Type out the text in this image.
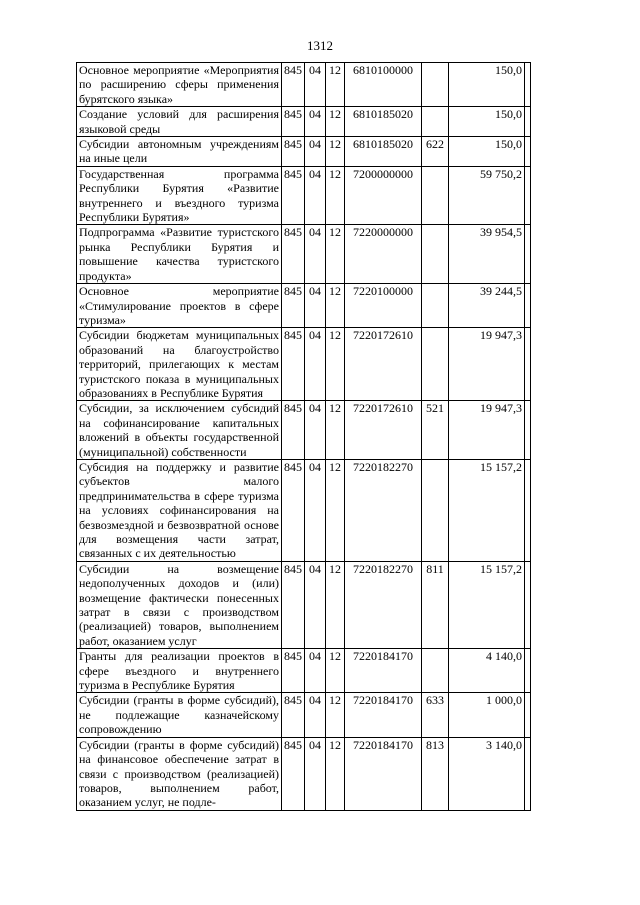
1312
Основное мероприятие «Мероприятия по расширению сферы применения бурятского языка»	845	04	12	6810100000		150,0	
Создание условий для расширения языковой среды	845	04	12	6810185020		150,0	
Субсидии автономным учреждениям на иные цели	845	04	12	6810185020	622	150,0	
Государственная программа Республики Бурятия «Развитие внутреннего и въездного туризма Республики Бурятия»	845	04	12	7200000000		59 750,2	
Подпрограмма «Развитие туристского рынка Республики Бурятия и повышение качества туристского продукта»	845	04	12	7220000000		39 954,5	
Основное мероприятие «Стимулирование проектов в сфере туризма»	845	04	12	7220100000		39 244,5	
Субсидии бюджетам муниципальных образований на благоустройство территорий, прилегающих к местам туристского показа в муниципальных образованиях в Республике Бурятия	845	04	12	7220172610		19 947,3	
Субсидии, за исключением субсидий на софинансирование капитальных вложений в объекты государственной (муниципальной) собственности	845	04	12	7220172610	521	19 947,3	
Субсидия на поддержку и развитие субъектов малого предпринимательства в сфере туризма на условиях софинансирования на безвозмездной и безвозвратной основе для возмещения части затрат, связанных с их деятельностью	845	04	12	7220182270		15 157,2	
Субсидии на возмещение недополученных доходов и (или) возмещение фактически понесенных затрат в связи с производством (реализацией) товаров, выполнением работ, оказанием услуг	845	04	12	7220182270	811	15 157,2	
Гранты для реализации проектов в сфере въездного и внутреннего туризма в Республике Бурятия	845	04	12	7220184170		4 140,0	
Субсидии (гранты в форме субсидий), не подлежащие казначейскому сопровождению	845	04	12	7220184170	633	1 000,0	
Субсидии (гранты в форме субсидий) на финансовое обеспечение затрат в связи с производством (реализацией) товаров, выполнением работ, оказанием услуг, не подле-	845	04	12	7220184170	813	3 140,0	
